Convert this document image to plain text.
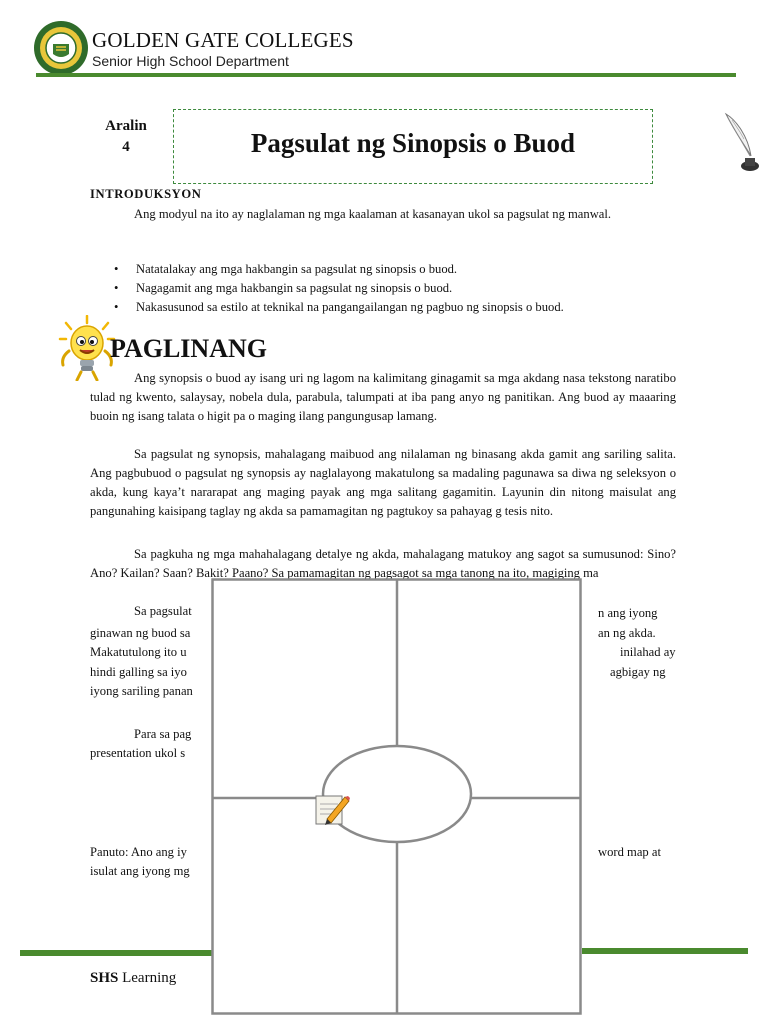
GOLDEN GATE COLLEGES
Senior High School Department
Aralin
4	Pagsulat ng Sinopsis o Buod
INTRODUKSYON
Ang modyul na ito ay naglalaman ng mga kaalaman at kasanayan ukol sa pagsulat ng manwal.
• Natatalakay ang mga hakbangin sa pagsulat ng sinopsis o buod.
• Nagagamit ang mga hakbangin sa pagsulat ng sinopsis o buod.
• Nakasusunod sa estilo at teknikal na pangangailangan ng pagbuo ng sinopsis o buod.
PAGLINANG
Ang synopsis o buod ay isang uri ng lagom na kalimitang ginagamit sa mga akdang nasa tekstong naratibo tulad ng kwento, salaysay, nobela dula, parabula, talumpati at iba pang anyo ng panitikan. Ang buod ay maaaring buoin ng isang talata o higit pa o maging ilang pangungusap lamang.
Sa pagsulat ng synopsis, mahalagang maibuod ang nilalaman ng binasang akda gamit ang sariling salita. Ang pagbubuod o pagsulat ng synopsis ay naglalayong makatulong sa madaling pagunawa sa diwa ng seleksyon o akda, kung kaya’t nararapat ang maging payak ang mga salitang gagamitin. Layunin din nitong maisulat ang pangunahing kaisipang taglay ng akda sa pamamagitan ng pagtukoy sa pahayag g tesis nito.
Sa pagkuha ng mga mahahalagang detalye ng akda, mahalagang matukoy ang sagot sa sumusunod: Sino? Ano? Kailan? Saan? Bakit? Paano? Sa pamamagitan ng pagsagot sa mga tanong na ito, magiging ma
Sa pagsulat
ginawan ng buod sa
Makatutulong ito u
hindi galling sa iyo
iyong sariling panan
n ang iyong
an ng akda.
inilahad ay
agbigay ng
Para sa pag
presentation ukol s
Panuto: Ano ang iy
isulat ang iyong mg
word map at
SHS Learning
